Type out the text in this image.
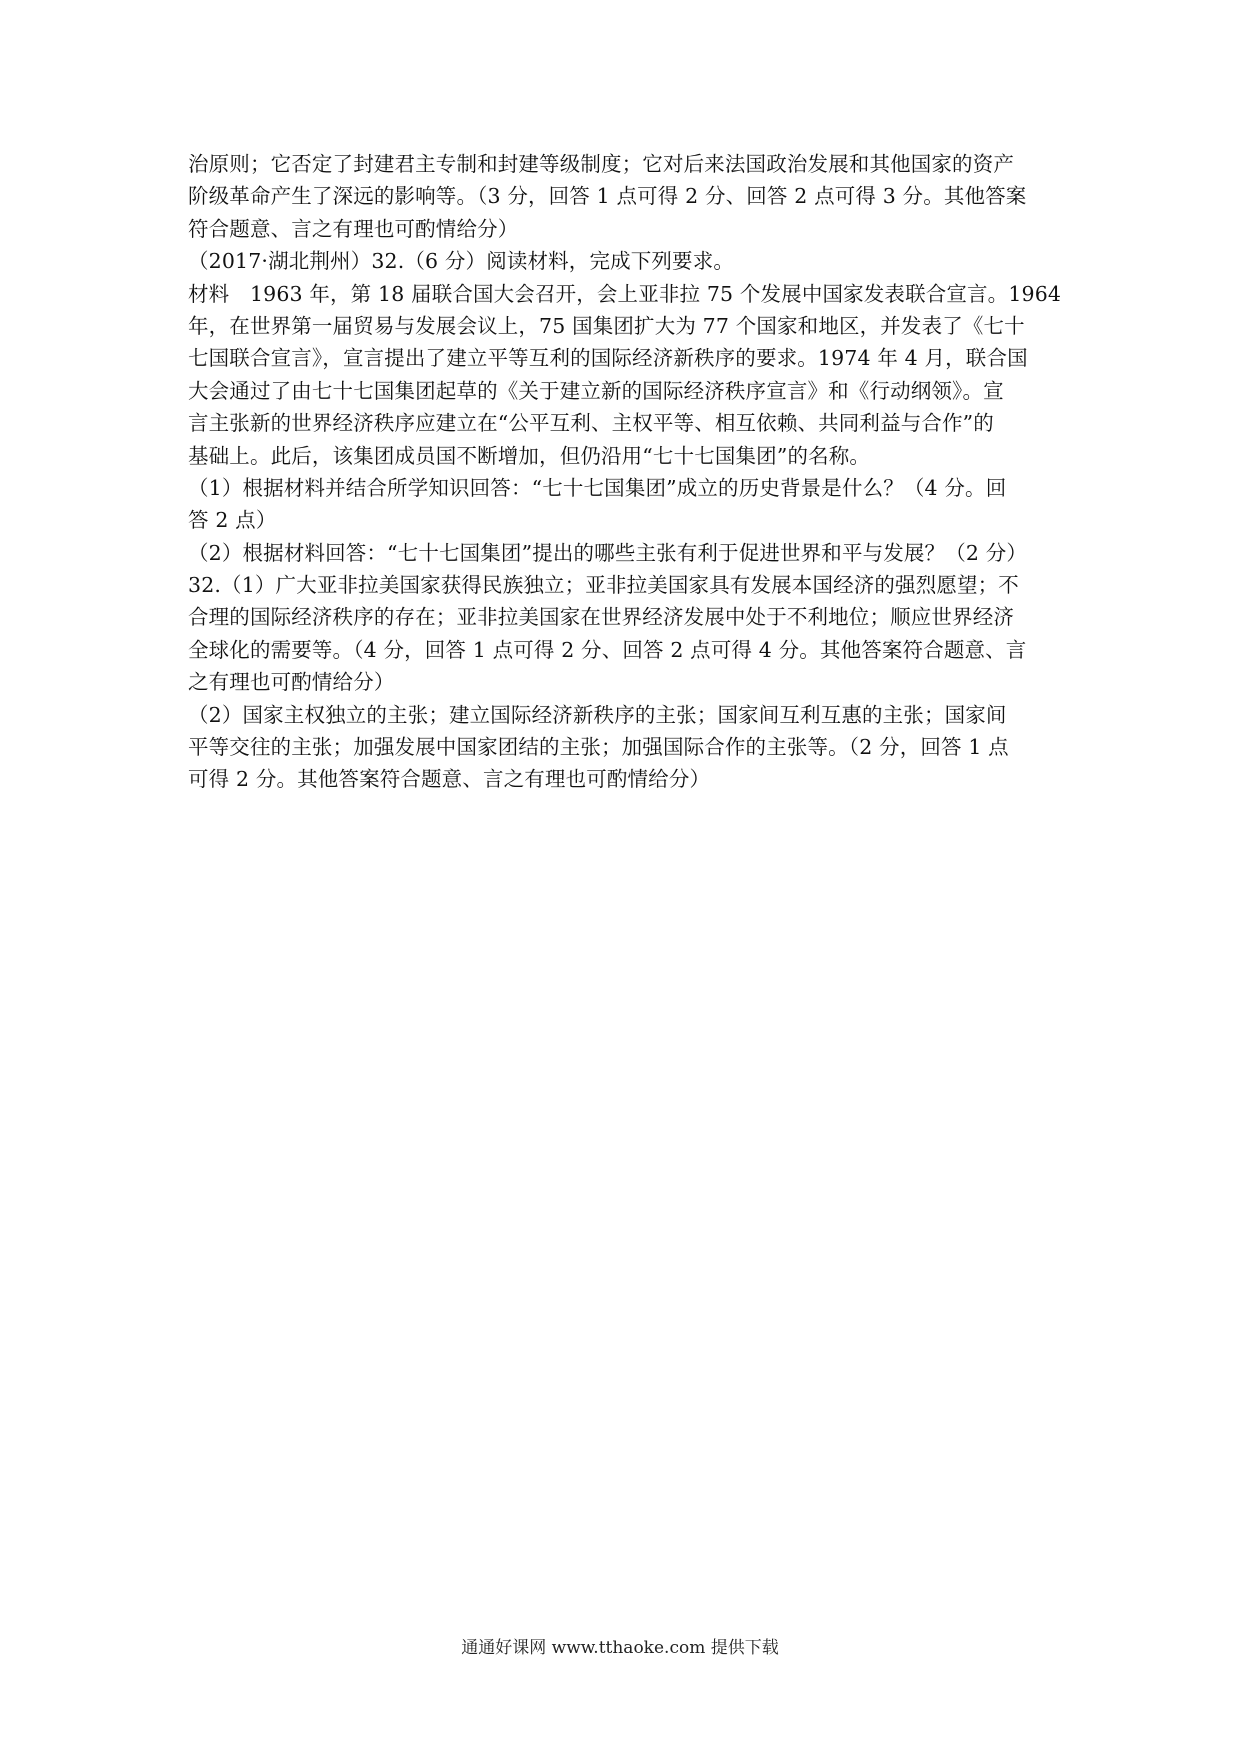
治原则；它否定了封建君主专制和封建等级制度；它对后来法国政治发展和其他国家的资产
阶级革命产生了深远的影响等。（3 分，回答 1 点可得 2 分、回答 2 点可得 3 分。其他答案
符合题意、言之有理也可酌情给分）
（2017·湖北荆州）32.（6 分）阅读材料，完成下列要求。
材料　1963 年，第 18 届联合国大会召开，会上亚非拉 75 个发展中国家发表联合宣言。1964
年，在世界第一届贸易与发展会议上，75 国集团扩大为 77 个国家和地区，并发表了《七十
七国联合宣言》，宣言提出了建立平等互利的国际经济新秩序的要求。1974 年 4 月，联合国
大会通过了由七十七国集团起草的《关于建立新的国际经济秩序宣言》和《行动纲领》。宣
言主张新的世界经济秩序应建立在“公平互利、主权平等、相互依赖、共同利益与合作”的
基础上。此后，该集团成员国不断增加，但仍沿用“七十七国集团”的名称。
（1）根据材料并结合所学知识回答：“七十七国集团”成立的历史背景是什么？（4 分。回
答 2 点）
（2）根据材料回答：“七十七国集团”提出的哪些主张有利于促进世界和平与发展？（2 分）
32.（1）广大亚非拉美国家获得民族独立；亚非拉美国家具有发展本国经济的强烈愿望；不
合理的国际经济秩序的存在；亚非拉美国家在世界经济发展中处于不利地位；顺应世界经济
全球化的需要等。（4 分，回答 1 点可得 2 分、回答 2 点可得 4 分。其他答案符合题意、言
之有理也可酌情给分）
（2）国家主权独立的主张；建立国际经济新秩序的主张；国家间互利互惠的主张；国家间
平等交往的主张；加强发展中国家团结的主张；加强国际合作的主张等。（2 分，回答 1 点
可得 2 分。其他答案符合题意、言之有理也可酌情给分）
通通好课网 www.tthaoke.com 提供下载
